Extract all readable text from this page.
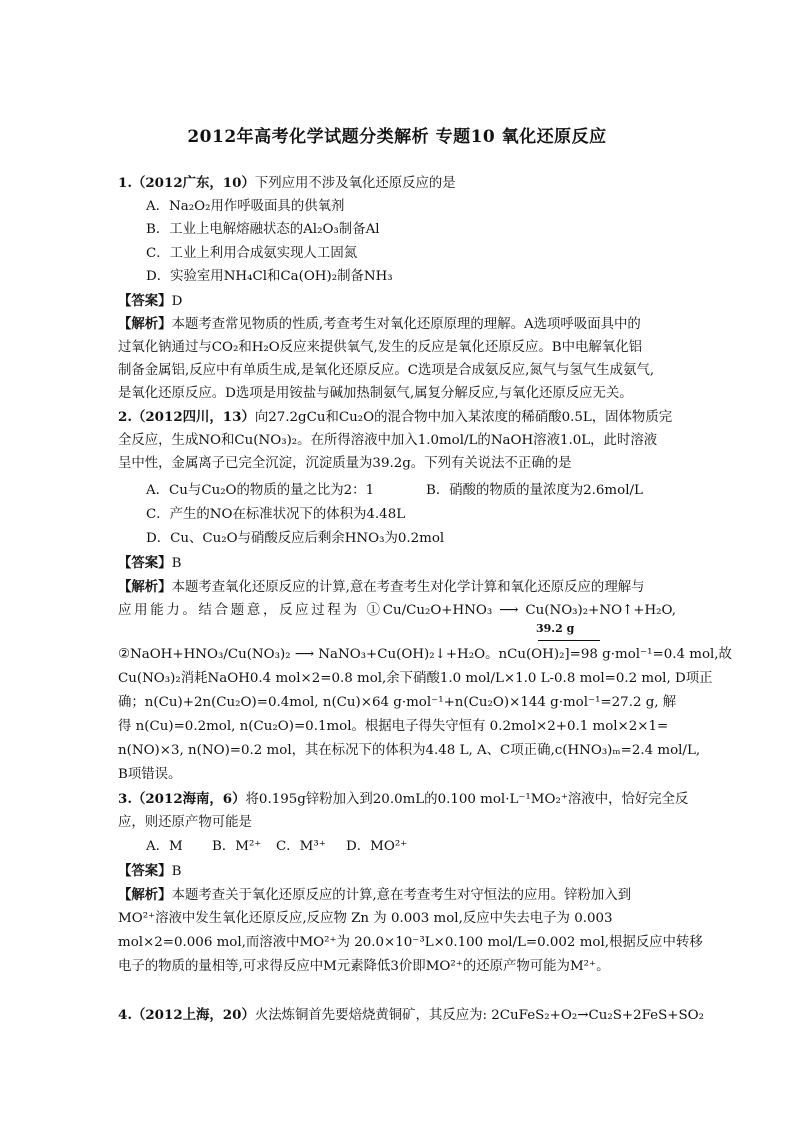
2012年高考化学试题分类解析 专题10 氧化还原反应
1.（2012广东，10）下列应用不涉及氧化还原反应的是
A．Na₂O₂用作呼吸面具的供氧剂
B．工业上电解熔融状态的Al₂O₃制备Al
C．工业上利用合成氨实现人工固氮
D．实验室用NH₄Cl和Ca(OH)₂制备NH₃
【答案】D
【解析】本题考查常见物质的性质,考查考生对氧化还原原理的理解。A选项呼吸面具中的
过氧化钠通过与CO₂和H₂O反应来提供氧气,发生的反应是氧化还原反应。B中电解氧化铝
制备金属铝,反应中有单质生成,是氧化还原反应。C选项是合成氨反应,氮气与氢气生成氨气,
是氧化还原反应。D选项是用铵盐与碱加热制氨气,属复分解反应,与氧化还原反应无关。
2.（2012四川，13）向27.2gCu和Cu₂O的混合物中加入某浓度的稀硝酸0.5L，固体物质完
全反应，生成NO和Cu(NO₃)₂。在所得溶液中加入1.0mol/L的NaOH溶液1.0L，此时溶液
呈中性，金属离子已完全沉淀，沉淀质量为39.2g。下列有关说法不正确的是
A．Cu与Cu₂O的物质的量之比为2：1	B．硝酸的物质的量浓度为2.6mol/L
C．产生的NO在标准状况下的体积为4.48L
D．Cu、Cu₂O与硝酸反应后剩余HNO₃为0.2mol
【答案】B
【解析】本题考查氧化还原反应的计算,意在考查考生对化学计算和氧化还原反应的理解与
应用能力。结合题意，反应过程为 ①Cu/Cu₂O+HNO₃ ⟶ Cu(NO₃)₂+NO↑+H₂O,
39.2 g
②NaOH+HNO₃/Cu(NO₃)₂ ⟶ NaNO₃+Cu(OH)₂↓+H₂O。nCu(OH)₂]=98 g·mol⁻¹=0.4 mol,故
Cu(NO₃)₂消耗NaOH0.4 mol×2=0.8 mol,余下硝酸1.0 mol/L×1.0 L-0.8 mol=0.2 mol, D项正
确；n(Cu)+2n(Cu₂O)=0.4mol, n(Cu)×64 g·mol⁻¹+n(Cu₂O)×144 g·mol⁻¹=27.2 g, 解
得 n(Cu)=0.2mol, n(Cu₂O)=0.1mol。根据电子得失守恒有 0.2mol×2+0.1 mol×2×1=
n(NO)×3, n(NO)=0.2 mol，其在标况下的体积为4.48 L, A、C项正确,c(HNO₃)ₘ=2.4 mol/L,
B项错误。
3.（2012海南，6）将0.195g锌粉加入到20.0mL的0.100 mol·L⁻¹MO₂⁺溶液中，恰好完全反
应，则还原产物可能是
A．M B．M²⁺ C．M³⁺ D．MO²⁺
【答案】B
【解析】本题考查关于氧化还原反应的计算,意在考查考生对守恒法的应用。锌粉加入到
MO²⁺溶液中发生氧化还原反应,反应物 Zn 为 0.003 mol,反应中失去电子为 0.003
mol×2=0.006 mol,而溶液中MO²⁺为 20.0×10⁻³L×0.100 mol/L=0.002 mol,根据反应中转移
电子的物质的量相等,可求得反应中M元素降低3价即MO²⁺的还原产物可能为M²⁺。
4.（2012上海，20）火法炼铜首先要焙烧黄铜矿，其反应为: 2CuFeS₂+O₂→Cu₂S+2FeS+SO₂
